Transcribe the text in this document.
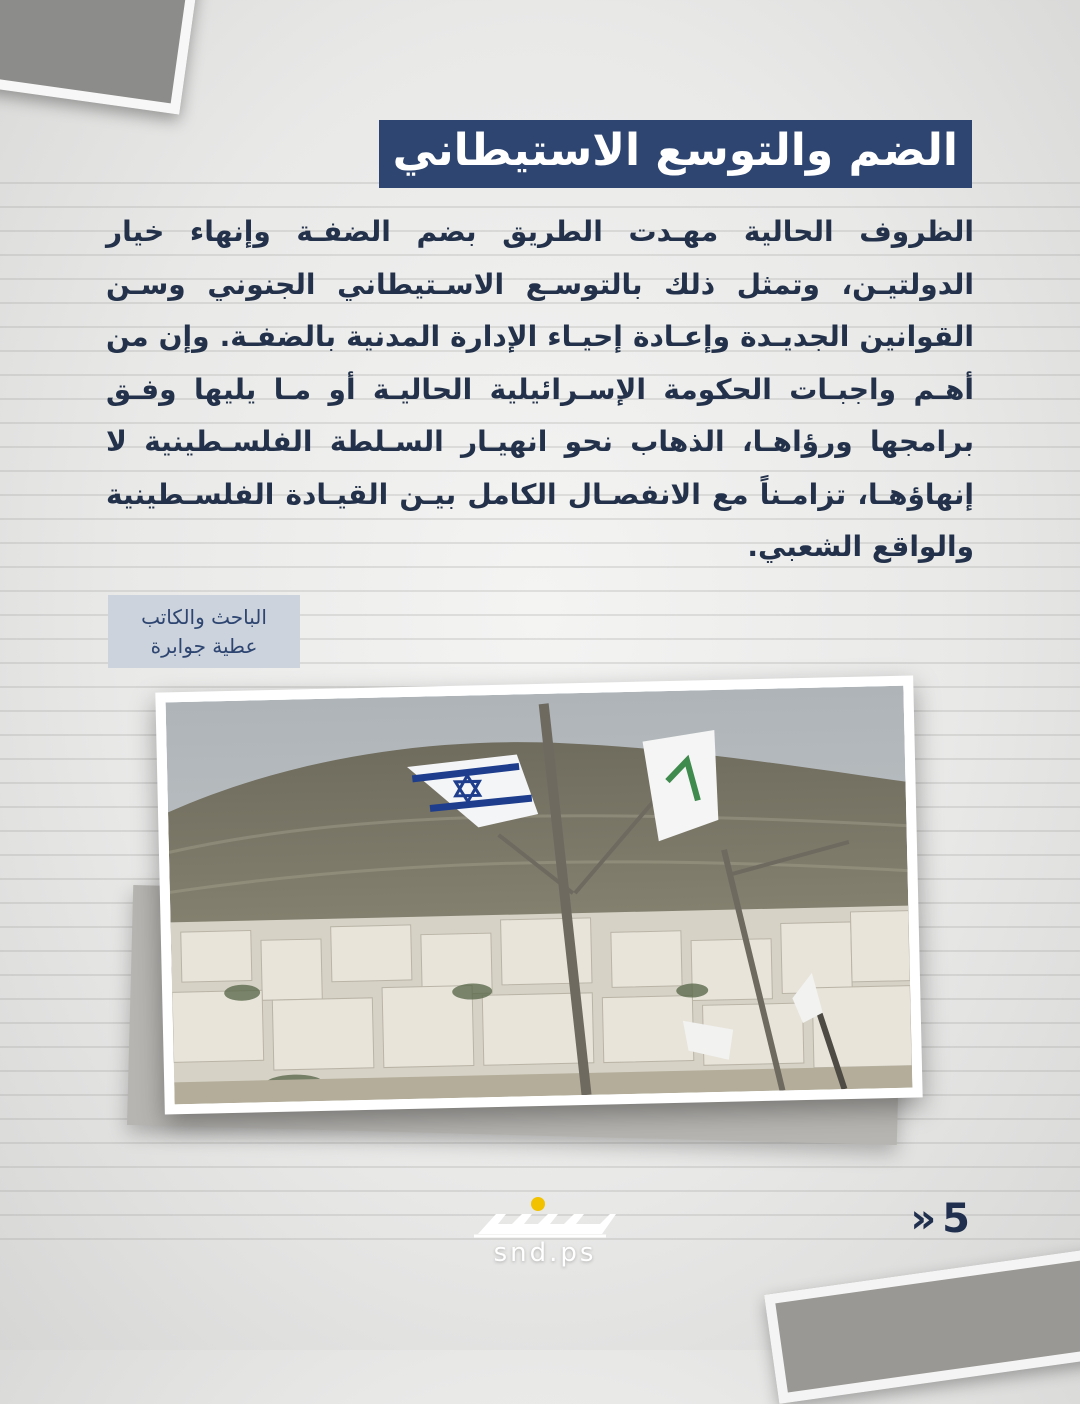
الضم والتوسع الاستيطاني
الظروف الحالية مهـدت الطريق بضم الضفـة وإنهاء خيار الدولتيـن، وتمثل ذلك بالتوسـع الاسـتيطاني الجنوني وسـن القوانين الجديـدة وإعـادة إحيـاء الإدارة المدنية بالضفـة. وإن من أهـم واجبـات الحكومة الإسـرائيلية الحاليـة أو مـا يليها وفـق برامجها ورؤاهـا، الذهاب نحو انهيـار السـلطة الفلسـطينية لا إنهاؤهـا، تزامـناً مع الانفصـال الكامل بيـن القيـادة الفلسـطينية والواقع الشعبي.
الباحث والكاتب
عطية جوابرة
»5
snd.ps
